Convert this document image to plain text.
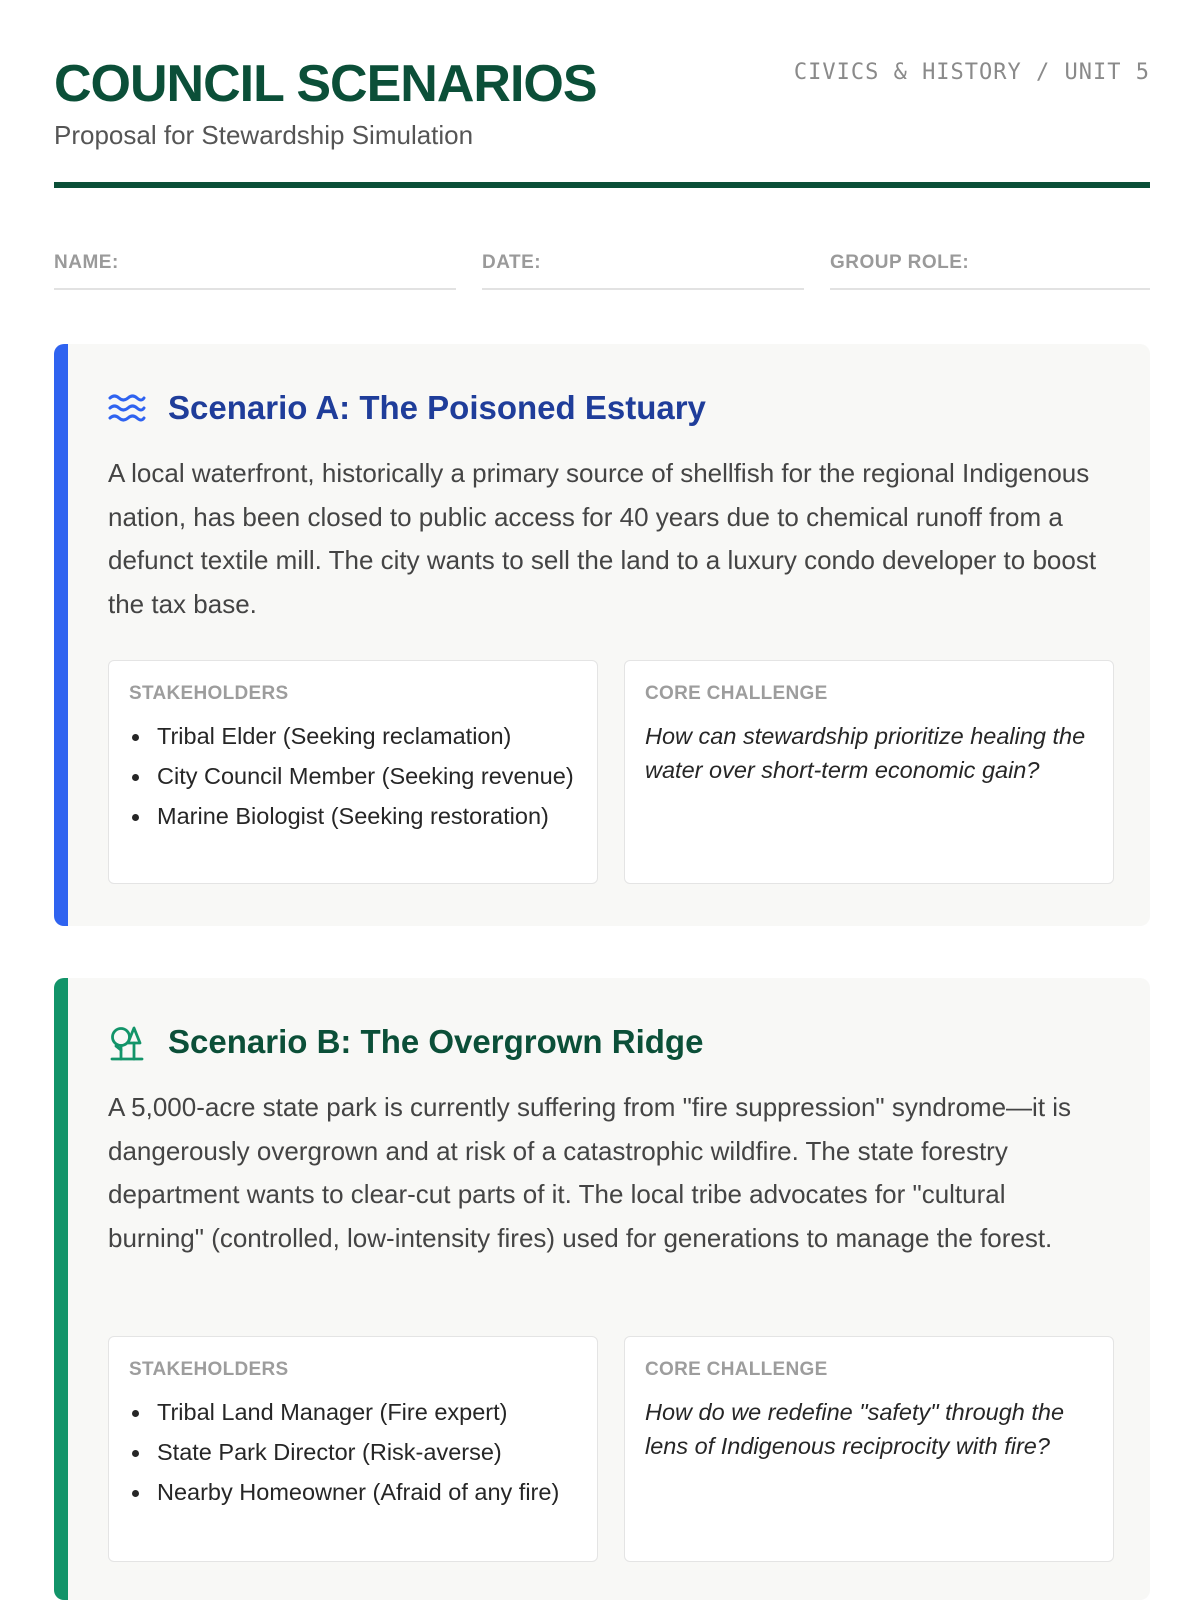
COUNCIL SCENARIOS
Proposal for Stewardship Simulation
CIVICS & HISTORY / UNIT 5
NAME:	DATE:	GROUP ROLE:
Scenario A: The Poisoned Estuary
A local waterfront, historically a primary source of shellfish for the regional Indigenous nation, has been closed to public access for 40 years due to chemical runoff from a defunct textile mill. The city wants to sell the land to a luxury condo developer to boost the tax base.
STAKEHOLDERS
Tribal Elder (Seeking reclamation)
City Council Member (Seeking revenue)
Marine Biologist (Seeking restoration)
CORE CHALLENGE
How can stewardship prioritize healing the water over short-term economic gain?
Scenario B: The Overgrown Ridge
A 5,000-acre state park is currently suffering from "fire suppression" syndrome—it is dangerously overgrown and at risk of a catastrophic wildfire. The state forestry department wants to clear-cut parts of it. The local tribe advocates for "cultural burning" (controlled, low-intensity fires) used for generations to manage the forest.
STAKEHOLDERS
Tribal Land Manager (Fire expert)
State Park Director (Risk-averse)
Nearby Homeowner (Afraid of any fire)
CORE CHALLENGE
How do we redefine "safety" through the lens of Indigenous reciprocity with fire?
